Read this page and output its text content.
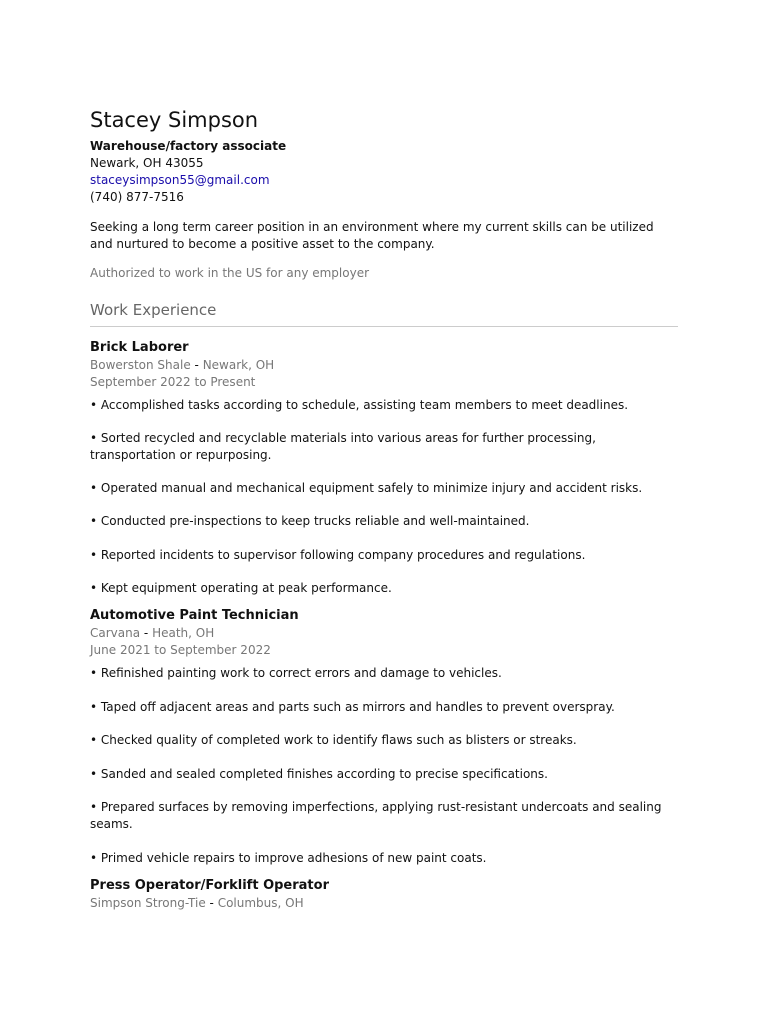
Stacey Simpson
Warehouse/factory associate
Newark, OH 43055
staceysimpson55@gmail.com
(740) 877-7516
Seeking a long term career position in an environment where my current skills can be utilized and nurtured to become a positive asset to the company.
Authorized to work in the US for any employer
Work Experience
Brick Laborer
Bowerston Shale - Newark, OH
September 2022 to Present
• Accomplished tasks according to schedule, assisting team members to meet deadlines.
• Sorted recycled and recyclable materials into various areas for further processing, transportation or repurposing.
• Operated manual and mechanical equipment safely to minimize injury and accident risks.
• Conducted pre-inspections to keep trucks reliable and well-maintained.
• Reported incidents to supervisor following company procedures and regulations.
• Kept equipment operating at peak performance.
Automotive Paint Technician
Carvana - Heath, OH
June 2021 to September 2022
• Refinished painting work to correct errors and damage to vehicles.
• Taped off adjacent areas and parts such as mirrors and handles to prevent overspray.
• Checked quality of completed work to identify flaws such as blisters or streaks.
• Sanded and sealed completed finishes according to precise specifications.
• Prepared surfaces by removing imperfections, applying rust-resistant undercoats and sealing seams.
• Primed vehicle repairs to improve adhesions of new paint coats.
Press Operator/Forklift Operator
Simpson Strong-Tie - Columbus, OH
